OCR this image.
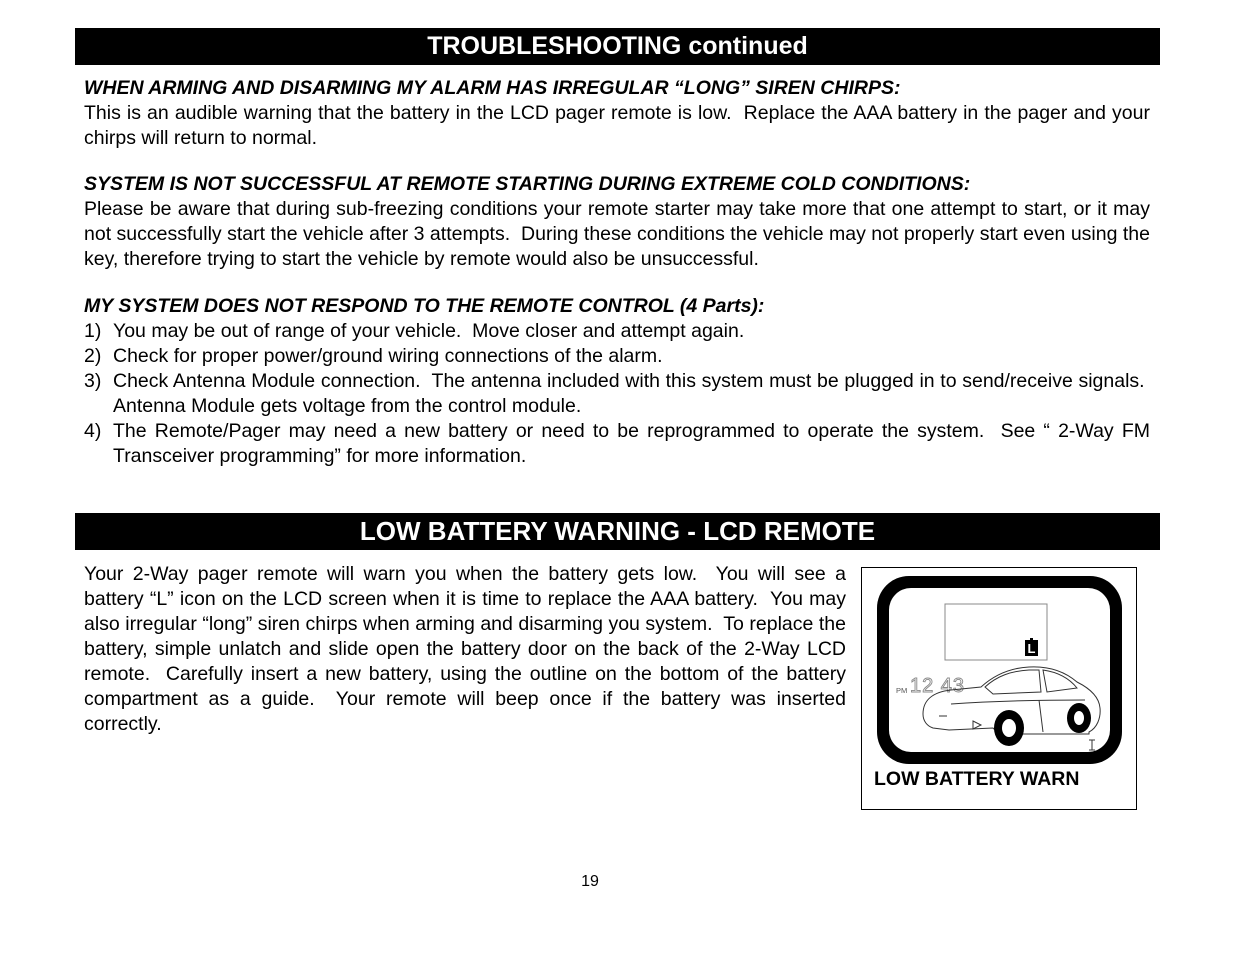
TROUBLESHOOTING continued
WHEN ARMING AND DISARMING MY ALARM HAS IRREGULAR “LONG” SIREN CHIRPS:

This is an audible warning that the battery in the LCD pager remote is low.  Replace the AAA battery in the pager and your chirps will return to normal.

SYSTEM IS NOT SUCCESSFUL AT REMOTE STARTING DURING EXTREME COLD CONDITIONS:

Please be aware that during sub-freezing conditions your remote starter may take more that one attempt to start, or it may not successfully start the vehicle after 3 attempts.  During these conditions the vehicle may not properly start even using the key, therefore trying to start the vehicle by remote would also be unsuccessful.

MY SYSTEM DOES NOT RESPOND TO THE REMOTE CONTROL (4 Parts):
1) You may be out of range of your vehicle.  Move closer and attempt again.
2) Check for proper power/ground wiring connections of the alarm.
3) Check Antenna Module connection.  The antenna included with this system must be plugged in to send/receive signals.  Antenna Module gets voltage from the control module.
4) The Remote/Pager may need a new battery or need to be reprogrammed to operate the system.  See “ 2-Way FM Transceiver programming” for more information.
LOW BATTERY WARNING - LCD REMOTE

Your 2-Way pager remote will warn you when the battery gets low.  You will see a battery “L” icon on the LCD screen when it is time to replace the AAA battery.  You may also irregular “long” siren chirps when arming and disarming you system.  To replace the battery, simple unlatch and slide open the battery door on the back of the 2-Way LCD remote.  Carefully insert a new battery, using the outline on the bottom of the battery compartment as a guide.  Your remote will beep once if the battery was inserted correctly.

L
PM 12 43
LOW BATTERY WARN
19
